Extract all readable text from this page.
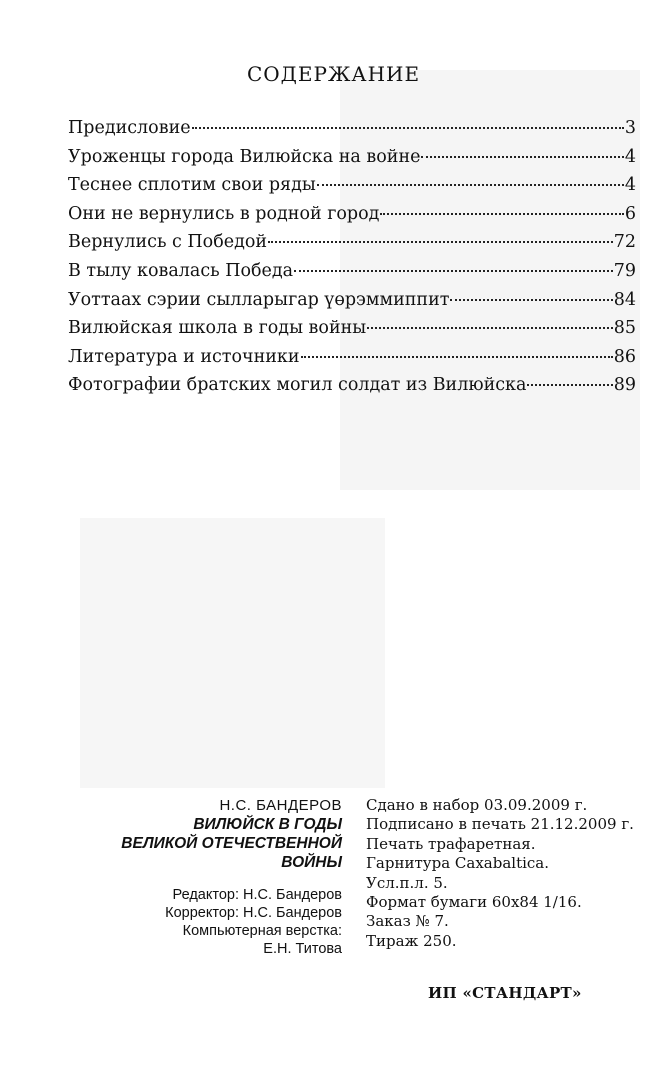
СОДЕРЖАНИЕ
Предисловие	3
Уроженцы города Вилюйска на войне	4
Теснее сплотим свои ряды	4
Они не вернулись в родной город	6
Вернулись с Победой	72
В тылу ковалась Победа	79
Уоттаах сэрии сылларыгар үөрэммиппит	84
Вилюйская школа в годы войны	85
Литература и источники	86
Фотографии братских могил солдат из Вилюйска	89
Н.С. БАНДЕРОВ
ВИЛЮЙСК В ГОДЫ
ВЕЛИКОЙ ОТЕЧЕСТВЕННОЙ
ВОЙНЫ
Редактор: Н.С. Бандеров
Корректор: Н.С. Бандеров
Компьютерная верстка:
Е.Н. Титова
Сдано в набор 03.09.2009 г.
Подписано в печать 21.12.2009 г.
Печать трафаретная.
Гарнитура Caxabaltica.
Усл.п.л. 5.
Формат бумаги 60х84 1/16.
Заказ № 7.
Тираж 250.
ИП «СТАНДАРТ»
